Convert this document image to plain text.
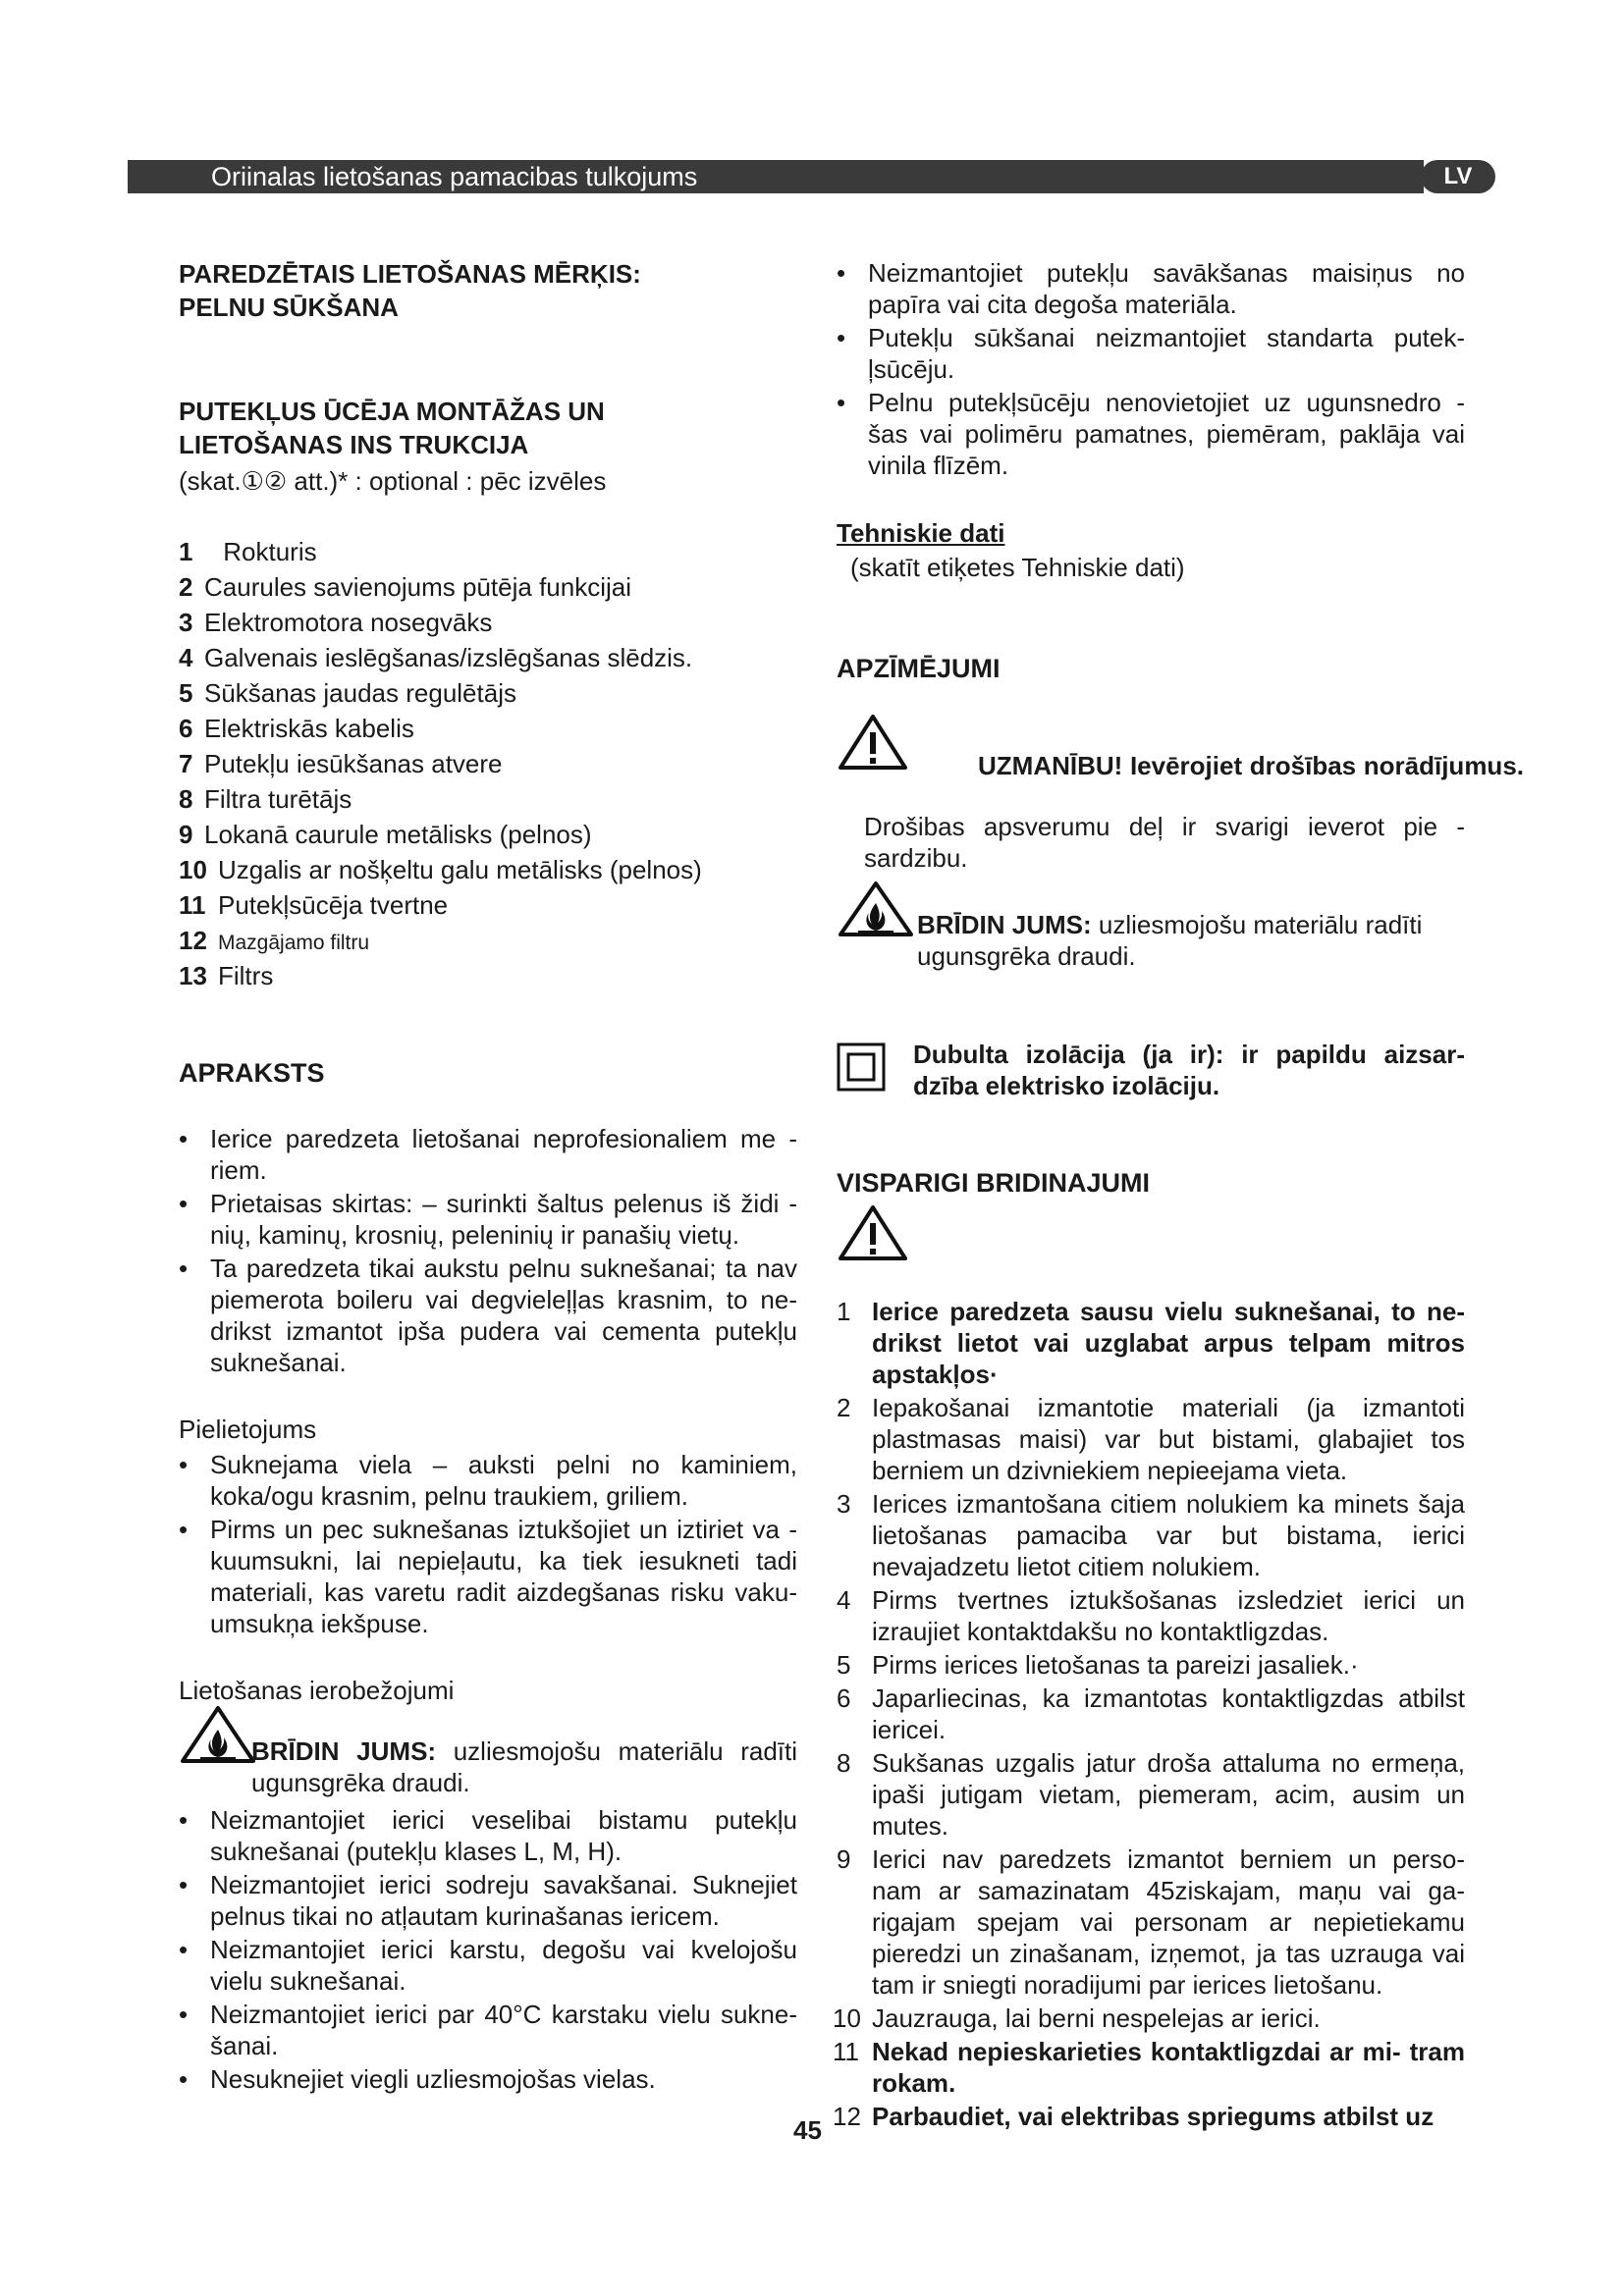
Oriinalas lietošanas pamacibas tulkojums	LV
PAREDZĒTAIS LIETOŠANAS MĒRĶIS:
PELNU SŪKŠANA
PUTEKĻUS ŪCĒJA MONTĀŽAS UN
LIETOŠANAS INS TRUKCIJA
(skat.①② att.)* : optional : pēc izvēles
1 Rokturis
2 Caurules savienojums pūtēja funkcijai
3 Elektromotora nosegvāks
4 Galvenais ieslēgšanas/izslēgšanas slēdzis.
5 Sūkšanas jaudas regulētājs
6 Elektriskās kabelis
7 Putekļu iesūkšanas atvere
8 Filtra turētājs
9 Lokanā caurule metālisks (pelnos)
10 Uzgalis ar nošķeltu galu metālisks (pelnos)
11 Putekļsūcēja tvertne
12 Mazgājamo filtru
13 Filtrs
APRAKSTS
• Ierice paredzeta lietošanai neprofesionaliem me - riem.
• Prietaisas skirtas: – surinkti šaltus pelenus iš židi - nių, kaminų, krosnių, peleninių ir panašių vietų.
• Ta paredzeta tikai aukstu pelnu suknešanai; ta nav piemerota boileru vai degvieleļļas krasnim, to ne- drikst izmantot ipša pudera vai cementa putekļu suknešanai.
Pielietojums
• Suknejama viela – auksti pelni no kaminiem, koka/ogu krasnim, pelnu traukiem, griliem.
• Pirms un pec suknešanas iztukšojiet un iztiriet va - kuumsukni, lai nepieļautu, ka tiek iesukneti tadi materiali, kas varetu radit aizdegšanas risku vaku- umsukņa iekšpuse.
Lietošanas ierobežojumi
BRĪDIN JUMS: uzliesmojošu materiālu radīti ugunsgrēka draudi.
• Neizmantojiet ierici veselibai bistamu putekļu suknešanai (putekļu klases L, M, H).
• Neizmantojiet ierici sodreju savakšanai. Suknejiet pelnus tikai no atļautam kurinašanas iericem.
• Neizmantojiet ierici karstu, degošu vai kvelojošu vielu suknešanai.
• Neizmantojiet ierici par 40°C karstaku vielu sukne- šanai.
• Nesuknejiet viegli uzliesmojošas vielas.
• Neizmantojiet putekļu savākšanas maisiņus no papīra vai cita degoša materiāla.
• Putekļu sūkšanai neizmantojiet standarta putek- ļsūcēju.
• Pelnu putekļsūcēju nenovietojiet uz ugunsnedro - šas vai polimēru pamatnes, piemēram, paklāja vai vinila flīzēm.
Tehniskie dati
(skatīt etiķetes Tehniskie dati)
APZĪMĒJUMI
UZMANĪBU! Ievērojiet drošības norādījumus.
Drošibas apsverumu deļ ir svarigi ieverot pie - sardzibu.
BRĪDIN JUMS: uzliesmojošu materiālu radīti ugunsgrēka draudi.
Dubulta izolācija (ja ir): ir papildu aizsar- dzība elektrisko izolāciju.
VISPARIGI BRIDINAJUMI
1 Ierice paredzeta sausu vielu suknešanai, to ne- drikst lietot vai uzglabat arpus telpam mitros apstakļos·
2 Iepakošanai izmantotie materiali (ja izmantoti plastmasas maisi) var but bistami, glabajiet tos berniem un dzivniekiem nepieejama vieta.
3 Ierices izmantošana citiem nolukiem ka minets šaja lietošanas pamaciba var but bistama, ierici nevajadzetu lietot citiem nolukiem.
4 Pirms tvertnes iztukšošanas izsledziet ierici un izraujiet kontaktdakšu no kontaktligzdas.
5 Pirms ierices lietošanas ta pareizi jasaliek.·
6 Japarliecinas, ka izmantotas kontaktligzdas atbilst iericei.
8 Sukšanas uzgalis jatur droša attaluma no ermeņa, ipaši jutigam vietam, piemeram, acim, ausim un mutes.
9 Ierici nav paredzets izmantot berniem un perso- nam ar samazinatam 45ziskajam, maņu vai ga- rigajam spejam vai personam ar nepietiekamu pieredzi un zinašanam, izņemot, ja tas uzrauga vai tam ir sniegti noradijumi par ierices lietošanu.
10 Jauzrauga, lai berni nespelejas ar ierici.
11 Nekad nepieskarieties kontaktligzdai ar mi- tram rokam.
12 Parbaudiet, vai elektribas spriegums atbilst uz
45
